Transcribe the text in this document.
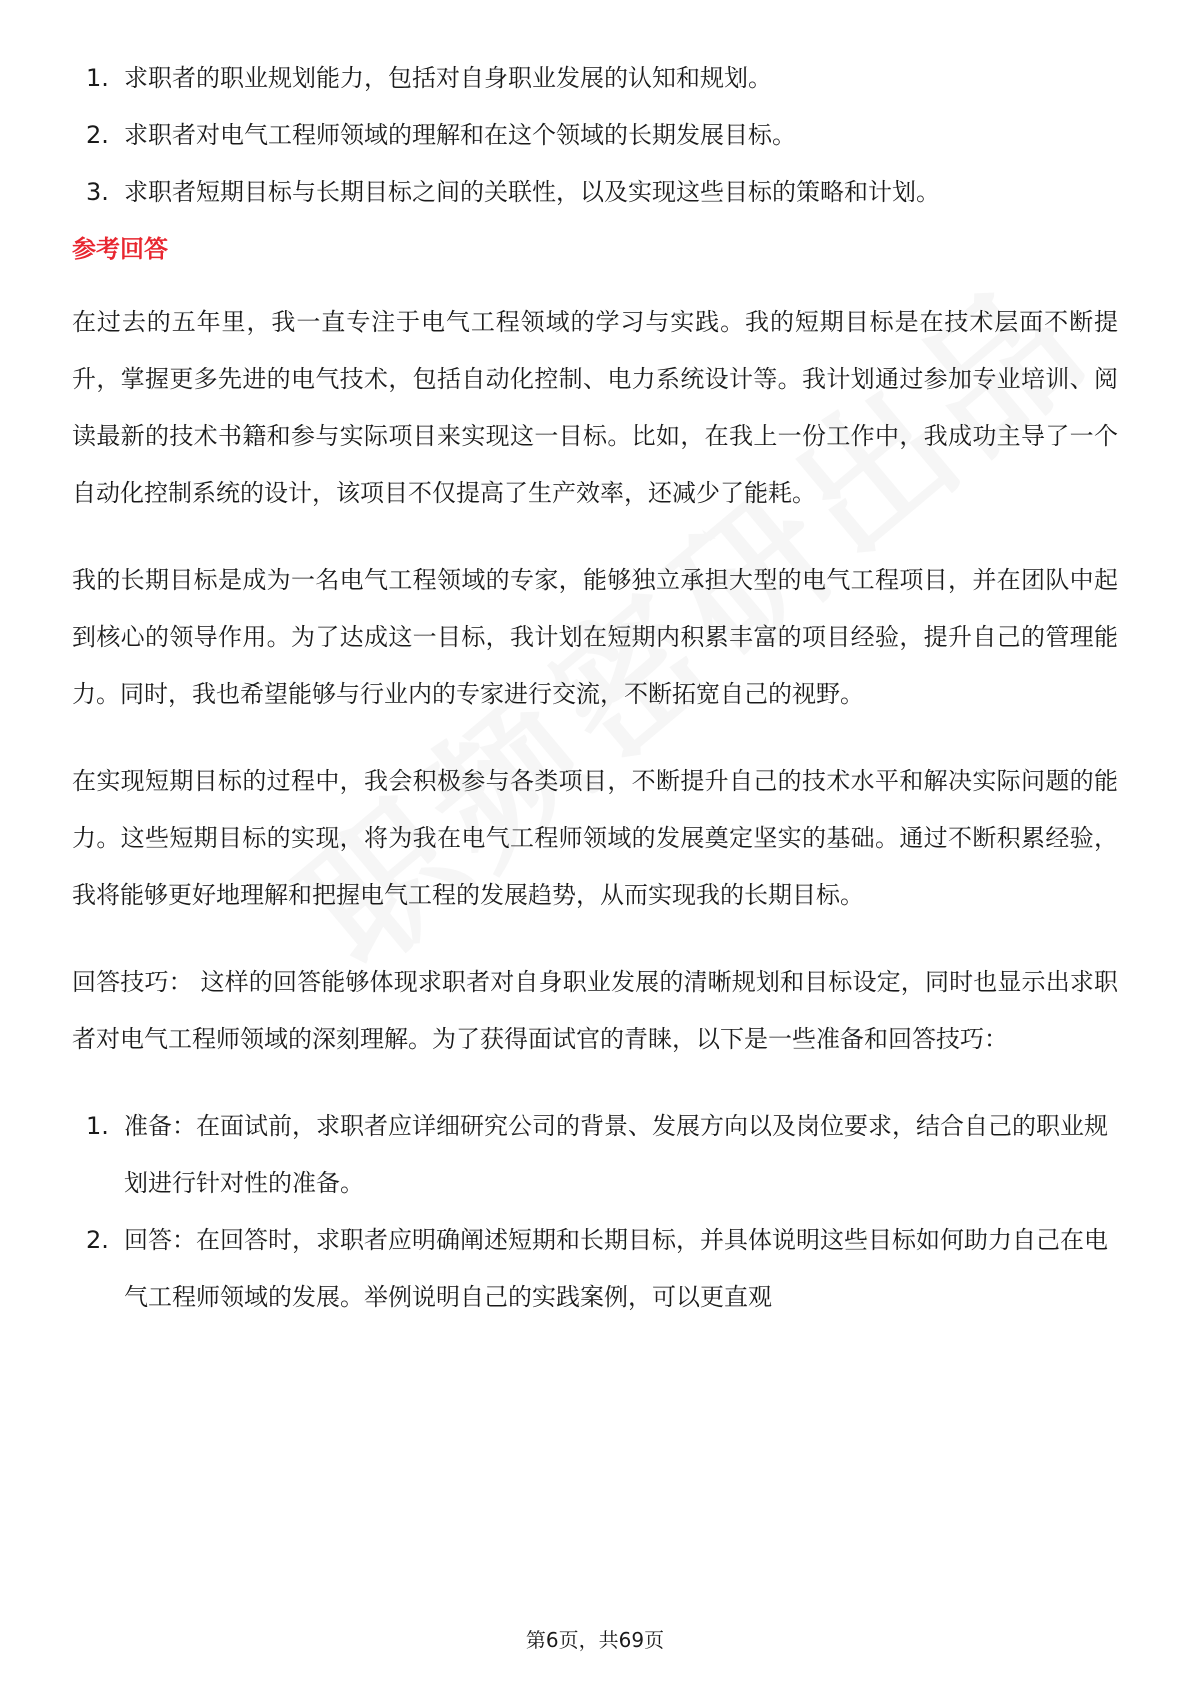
1. 求职者的职业规划能力，包括对自身职业发展的认知和规划。
2. 求职者对电气工程师领域的理解和在这个领域的长期发展目标。
3. 求职者短期目标与长期目标之间的关联性，以及实现这些目标的策略和计划。
参考回答

在过去的五年里，我一直专注于电气工程领域的学习与实践。我的短期目标是在技术层面不断提升，掌握更多先进的电气技术，包括自动化控制、电力系统设计等。我计划通过参加专业培训、阅读最新的技术书籍和参与实际项目来实现这一目标。比如，在我上一份工作中，我成功主导了一个自动化控制系统的设计，该项目不仅提高了生产效率，还减少了能耗。

我的长期目标是成为一名电气工程领域的专家，能够独立承担大型的电气工程项目，并在团队中起到核心的领导作用。为了达成这一目标，我计划在短期内积累丰富的项目经验，提升自己的管理能力。同时，我也希望能够与行业内的专家进行交流，不断拓宽自己的视野。

在实现短期目标的过程中，我会积极参与各类项目，不断提升自己的技术水平和解决实际问题的能力。这些短期目标的实现，将为我在电气工程师领域的发展奠定坚实的基础。通过不断积累经验，我将能够更好地理解和把握电气工程的发展趋势，从而实现我的长期目标。

回答技巧： 这样的回答能够体现求职者对自身职业发展的清晰规划和目标设定，同时也显示出求职者对电气工程师领域的深刻理解。为了获得面试官的青睐，以下是一些准备和回答技巧：

1. 准备：在面试前，求职者应详细研究公司的背景、发展方向以及岗位要求，结合自己的职业规划进行针对性的准备。
2. 回答：在回答时，求职者应明确阐述短期和长期目标，并具体说明这些目标如何助力自己在电气工程师领域的发展。举例说明自己的实践案例，可以更直观
第6页，共69页
